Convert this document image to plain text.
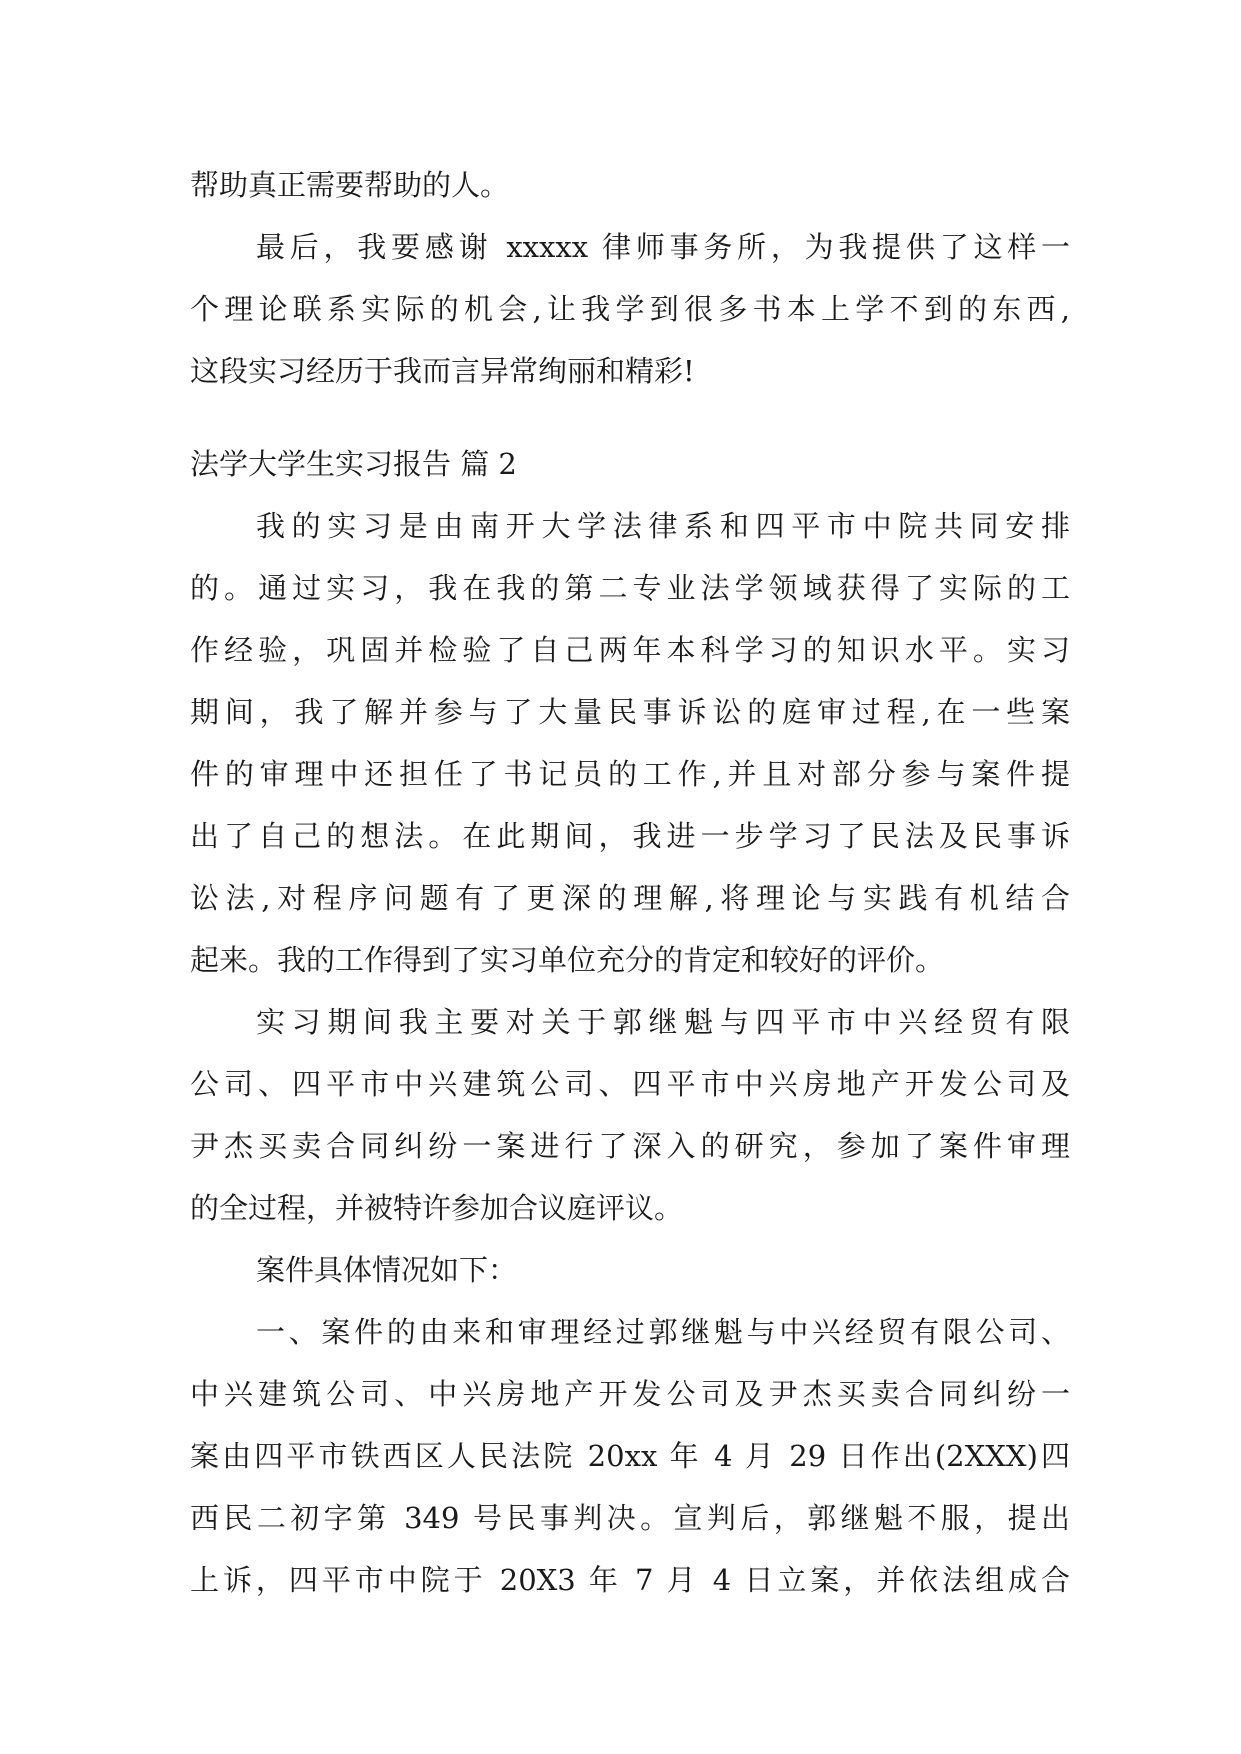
帮助真正需要帮助的人。
最后，我要感谢 xxxxx 律师事务所，为我提供了这样一
个理论联系实际的机会,让我学到很多书本上学不到的东西,
这段实习经历于我而言异常绚丽和精彩!
法学大学生实习报告 篇 2
我的实习是由南开大学法律系和四平市中院共同安排
的。通过实习，我在我的第二专业法学领域获得了实际的工
作经验，巩固并检验了自己两年本科学习的知识水平。实习
期间，我了解并参与了大量民事诉讼的庭审过程,在一些案
件的审理中还担任了书记员的工作,并且对部分参与案件提
出了自己的想法。在此期间，我进一步学习了民法及民事诉
讼法,对程序问题有了更深的理解,将理论与实践有机结合
起来。我的工作得到了实习单位充分的肯定和较好的评价。
实习期间我主要对关于郭继魁与四平市中兴经贸有限
公司、四平市中兴建筑公司、四平市中兴房地产开发公司及
尹杰买卖合同纠纷一案进行了深入的研究，参加了案件审理
的全过程，并被特许参加合议庭评议。
案件具体情况如下：
一、案件的由来和审理经过郭继魁与中兴经贸有限公司、
中兴建筑公司、中兴房地产开发公司及尹杰买卖合同纠纷一
案由四平市铁西区人民法院 20xx 年 4 月 29 日作出(2XXX)四
西民二初字第 349 号民事判决。宣判后，郭继魁不服，提出
上诉，四平市中院于 20X3 年 7 月 4 日立案，并依法组成合
